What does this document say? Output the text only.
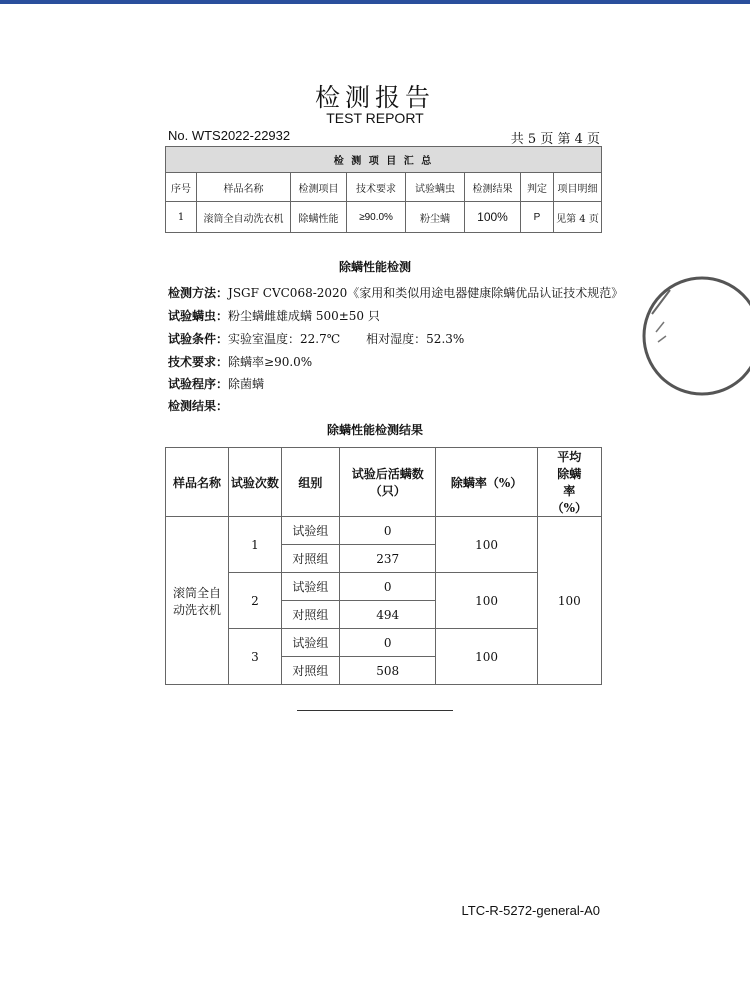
检测报告
TEST REPORT
No. WTS2022-22932	共 5 页 第 4 页
检 测 项 目 汇 总							
序号	样品名称	检测项目	技术要求	试验螨虫	检测结果	判定	项目明细
1	滚筒全自动洗衣机	除螨性能	≥90.0%	粉尘螨	100%	P	见第 4 页
除螨性能检测
检测方法：JSGF CVC068-2020《家用和类似用途电器健康除螨优品认证技术规范》
试验螨虫：粉尘螨雌雄成螨 500±50 只
试验条件：实验室温度：22.7℃ 相对湿度：52.3%
技术要求：除螨率≥90.0%
试验程序：除菌螨
检测结果：
除螨性能检测结果
样品名称	试验次数	组别	试验后活螨数（只）	除螨率（%）	平均除螨率（%）
滚筒全自动洗衣机	1	试验组	0	100	100
		对照组	237		
	2	试验组	0	100	
		对照组	494		
	3	试验组	0	100	
		对照组	508		
LTC-R-5272-general-A0
